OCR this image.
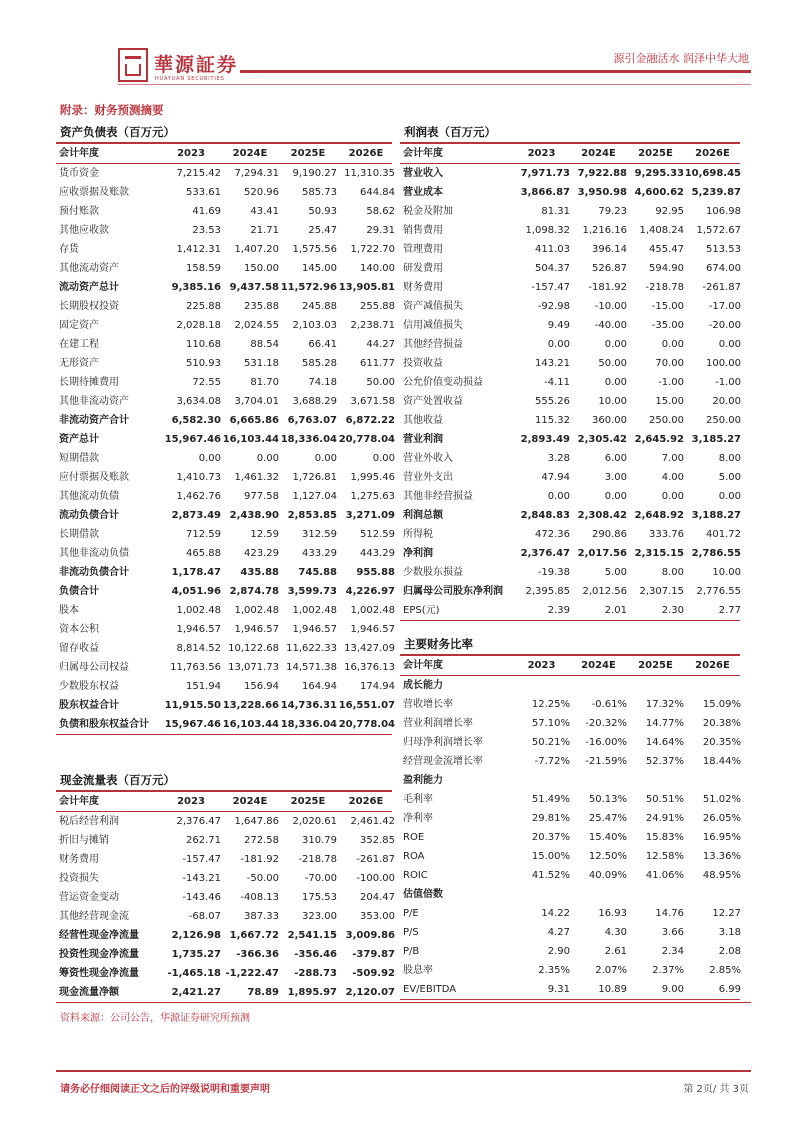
華源証券
HUAYUAN SECURITIES
源引金融活水 润泽中华大地
附录：财务预测摘要
资产负债表（百万元）
会计年度	2023	2024E	2025E	2026E
货币资金	7,215.42	7,294.31	9,190.27 11,310.35
应收票据及账款	533.61	520.96	585.73	644.84
预付账款	41.69	43.41	50.93	58.62
其他应收款	23.53	21.71	25.47	29.31
存货	1,412.31	1,407.20	1,575.56	1,722.70
其他流动资产	158.59	150.00	145.00	140.00
流动资产总计	9,385.16 9,437.58 11,572.96 13,905.81
长期股权投资	225.88	235.88	245.88	255.88
固定资产	2,028.18	2,024.55	2,103.03	2,238.71
在建工程	110.68	88.54	66.41	44.27
无形资产	510.93	531.18	585.28	611.77
长期待摊费用	72.55	81.70	74.18	50.00
其他非流动资产	3,634.08	3,704.01	3,688.29	3,671.58
非流动资产合计	6,582.30 6,665.86 6,763.07 6,872.22
资产总计	15,967.46 16,103.44 18,336.04 20,778.04
短期借款	0.00	0.00	0.00	0.00
应付票据及账款	1,410.73	1,461.32	1,726.81	1,995.46
其他流动负债	1,462.76	977.58	1,127.04	1,275.63
流动负债合计	2,873.49 2,438.90 2,853.85 3,271.09
长期借款	712.59	12.59	312.59	512.59
其他非流动负债	465.88	423.29	433.29	443.29
非流动负债合计	1,178.47	435.88	745.88	955.88
负债合计	4,051.96 2,874.78 3,599.73 4,226.97
股本	1,002.48	1,002.48	1,002.48	1,002.48
资本公积	1,946.57	1,946.57	1,946.57	1,946.57
留存收益	8,814.52 10,122.68 11,622.33 13,427.09
归属母公司权益	11,763.56 13,071.73 14,571.38 16,376.13
少数股东权益	151.94	156.94	164.94	174.94
股东权益合计	11,915.50 13,228.66 14,736.31 16,551.07
负债和股东权益合计	15,967.46 16,103.44 18,336.04 20,778.04
利润表（百万元）
会计年度	2023	2024E	2025E	2026E
营业收入	7,971.73 7,922.88 9,295.33 10,698.45
营业成本	3,866.87 3,950.98 4,600.62 5,239.87
税金及附加	81.31	79.23	92.95	106.98
销售费用	1,098.32	1,216.16	1,408.24	1,572.67
管理费用	411.03	396.14	455.47	513.53
研发费用	504.37	526.87	594.90	674.00
财务费用	-157.47	-181.92	-218.78	-261.87
资产减值损失	-92.98	-10.00	-15.00	-17.00
信用减值损失	9.49	-40.00	-35.00	-20.00
其他经营损益	0.00	0.00	0.00	0.00
投资收益	143.21	50.00	70.00	100.00
公允价值变动损益	-4.11	0.00	-1.00	-1.00
资产处置收益	555.26	10.00	15.00	20.00
其他收益	115.32	360.00	250.00	250.00
营业利润	2,893.49 2,305.42 2,645.92 3,185.27
营业外收入	3.28	6.00	7.00	8.00
营业外支出	47.94	3.00	4.00	5.00
其他非经营损益	0.00	0.00	0.00	0.00
利润总额	2,848.83 2,308.42 2,648.92 3,188.27
所得税	472.36	290.86	333.76	401.72
净利润	2,376.47 2,017.56 2,315.15 2,786.55
少数股东损益	-19.38	5.00	8.00	10.00
归属母公司股东净利润	2,395.85	2,012.56	2,307.15	2,776.55
EPS(元)	2.39	2.01	2.30	2.77
主要财务比率
会计年度	2023	2024E	2025E	2026E
成长能力
营收增长率	12.25%	-0.61%	17.32%	15.09%
营业利润增长率	57.10%	-20.32%	14.77%	20.38%
归母净利润增长率	50.21%	-16.00%	14.64%	20.35%
经营现金流增长率	-7.72%	-21.59%	52.37%	18.44%
盈利能力
毛利率	51.49%	50.13%	50.51%	51.02%
净利率	29.81%	25.47%	24.91%	26.05%
ROE	20.37%	15.40%	15.83%	16.95%
ROA	15.00%	12.50%	12.58%	13.36%
ROIC	41.52%	40.09%	41.06%	48.95%
估值倍数
P/E	14.22	16.93	14.76	12.27
P/S	4.27	4.30	3.66	3.18
P/B	2.90	2.61	2.34	2.08
股息率	2.35%	2.07%	2.37%	2.85%
EV/EBITDA	9.31	10.89	9.00	6.99
现金流量表（百万元）
会计年度	2023	2024E	2025E	2026E
税后经营利润	2,376.47	1,647.86	2,020.61	2,461.42
折旧与摊销	262.71	272.58	310.79	352.85
财务费用	-157.47	-181.92	-218.78	-261.87
投资损失	-143.21	-50.00	-70.00	-100.00
营运资金变动	-143.46	-408.13	175.53	204.47
其他经营现金流	-68.07	387.33	323.00	353.00
经营性现金净流量	2,126.98 1,667.72 2,541.15 3,009.86
投资性现金净流量	1,735.27	-366.36	-356.46	-379.87
筹资性现金净流量	-1,465.18 -1,222.47	-288.73	-509.92
现金流量净额	2,421.27	78.89 1,895.97 2,120.07
资料来源：公司公告，华源证券研究所预测
请务必仔细阅读正文之后的评级说明和重要声明	第 2页/ 共 3页
